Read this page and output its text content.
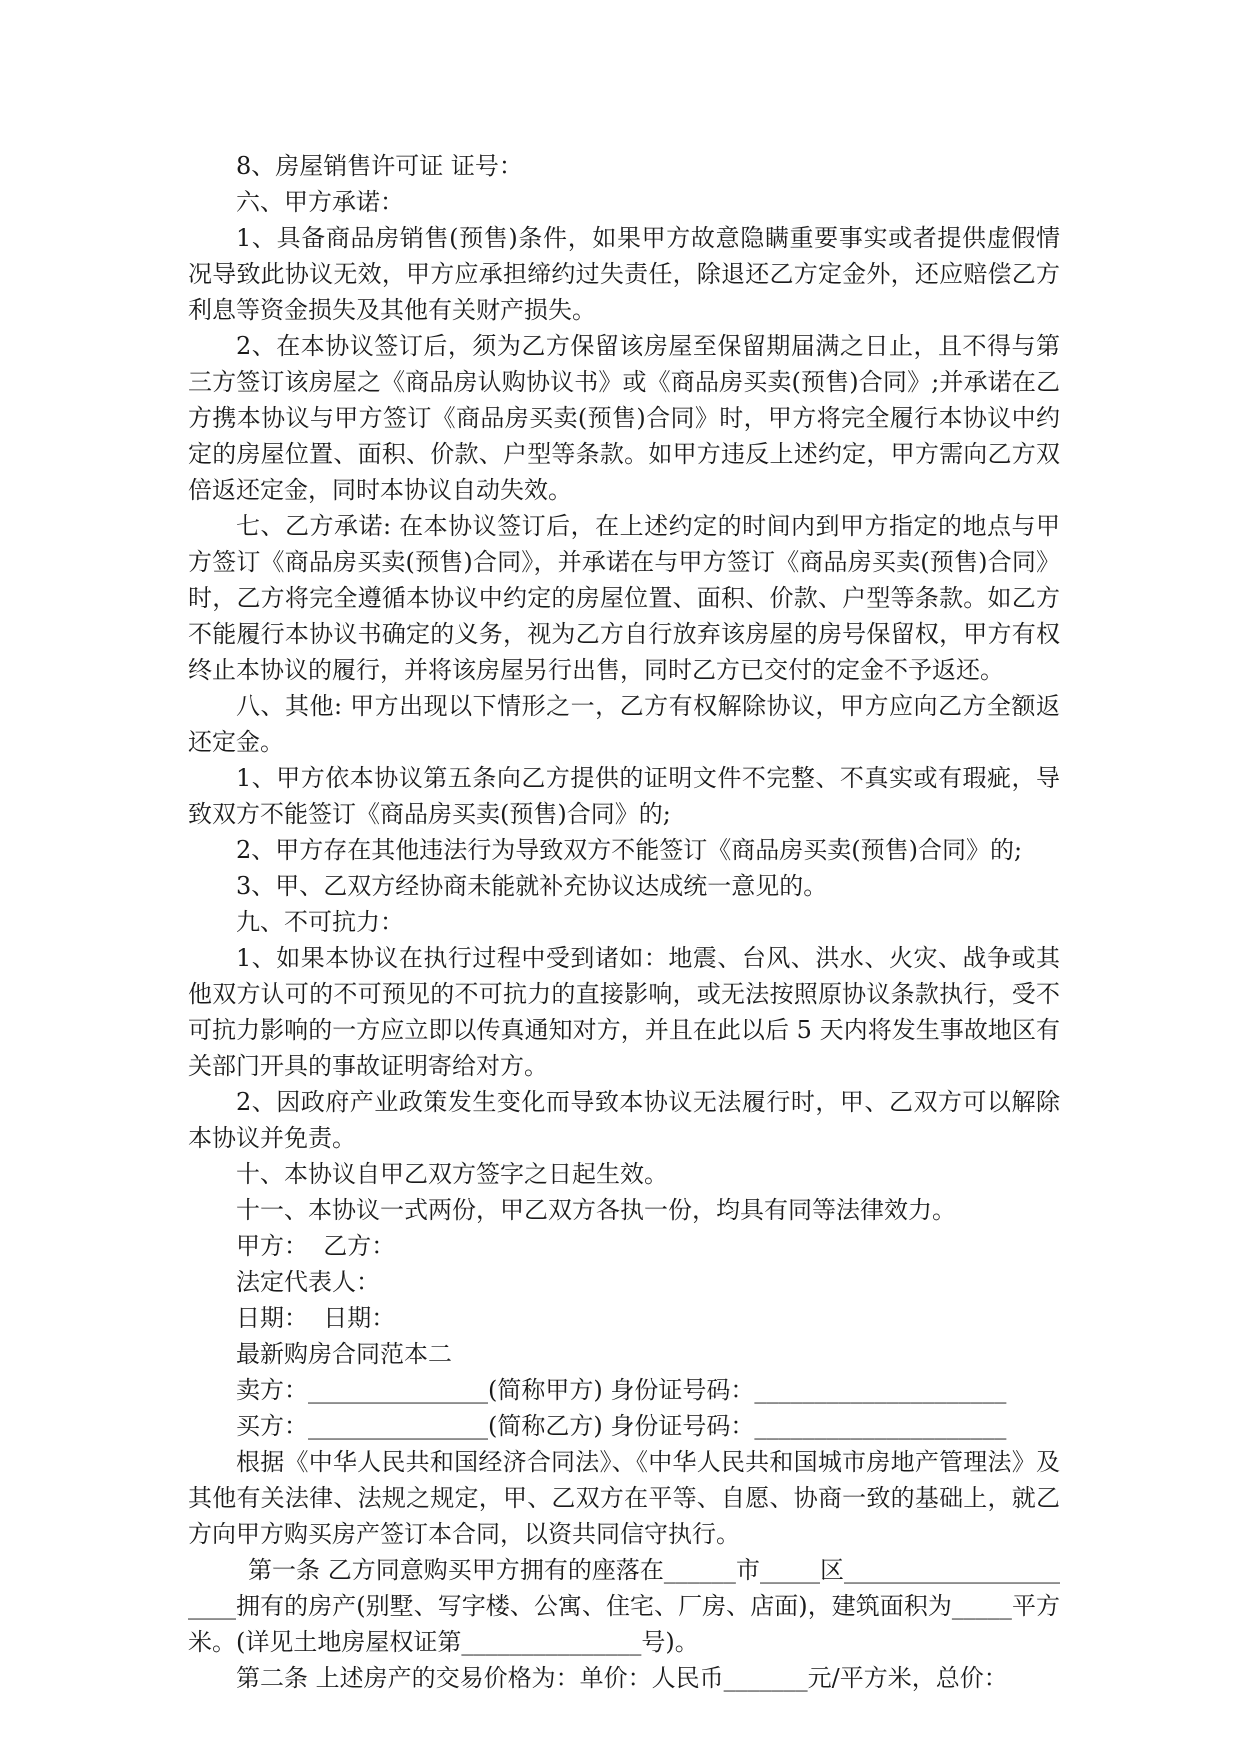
8、房屋销售许可证 证号：

六、甲方承诺：

1、具备商品房销售(预售)条件，如果甲方故意隐瞒重要事实或者提供虚假情况导致此协议无效，甲方应承担缔约过失责任，除退还乙方定金外，还应赔偿乙方利息等资金损失及其他有关财产损失。

2、在本协议签订后，须为乙方保留该房屋至保留期届满之日止，且不得与第三方签订该房屋之《商品房认购协议书》或《商品房买卖(预售)合同》;并承诺在乙方携本协议与甲方签订《商品房买卖(预售)合同》时，甲方将完全履行本协议中约定的房屋位置、面积、价款、户型等条款。如甲方违反上述约定，甲方需向乙方双倍返还定金，同时本协议自动失效。

七、乙方承诺: 在本协议签订后，在上述约定的时间内到甲方指定的地点与甲方签订《商品房买卖(预售)合同》，并承诺在与甲方签订《商品房买卖(预售)合同》时，乙方将完全遵循本协议中约定的房屋位置、面积、价款、户型等条款。如乙方不能履行本协议书确定的义务，视为乙方自行放弃该房屋的房号保留权，甲方有权终止本协议的履行，并将该房屋另行出售，同时乙方已交付的定金不予返还。

八、其他: 甲方出现以下情形之一，乙方有权解除协议，甲方应向乙方全额返还定金。

1、甲方依本协议第五条向乙方提供的证明文件不完整、不真实或有瑕疵，导致双方不能签订《商品房买卖(预售)合同》的;

2、甲方存在其他违法行为导致双方不能签订《商品房买卖(预售)合同》的;

3、甲、乙双方经协商未能就补充协议达成统一意见的。

九、不可抗力：

1、如果本协议在执行过程中受到诸如：地震、台风、洪水、火灾、战争或其他双方认可的不可预见的不可抗力的直接影响，或无法按照原协议条款执行，受不可抗力影响的一方应立即以传真通知对方，并且在此以后 5 天内将发生事故地区有关部门开具的事故证明寄给对方。

2、因政府产业政策发生变化而导致本协议无法履行时，甲、乙双方可以解除本协议并免责。

十、本协议自甲乙双方签字之日起生效。

十一、本协议一式两份，甲乙双方各执一份，均具有同等法律效力。

甲方：  乙方：

法定代表人：

日期：  日期：

最新购房合同范本二

卖方：_______________(简称甲方) 身份证号码：_____________________

买方：_______________(简称乙方) 身份证号码：_____________________

根据《中华人民共和国经济合同法》、《中华人民共和国城市房地产管理法》及其他有关法律、法规之规定，甲、乙双方在平等、自愿、协商一致的基础上，就乙方向甲方购买房产签订本合同，以资共同信守执行。

第一条 乙方同意购买甲方拥有的座落在______市_____区______________________拥有的房产(别墅、写字楼、公寓、住宅、厂房、店面)，建筑面积为_____平方米。(详见土地房屋权证第_______________号)。

第二条 上述房产的交易价格为：单价：人民币_______元/平方米，总价：
